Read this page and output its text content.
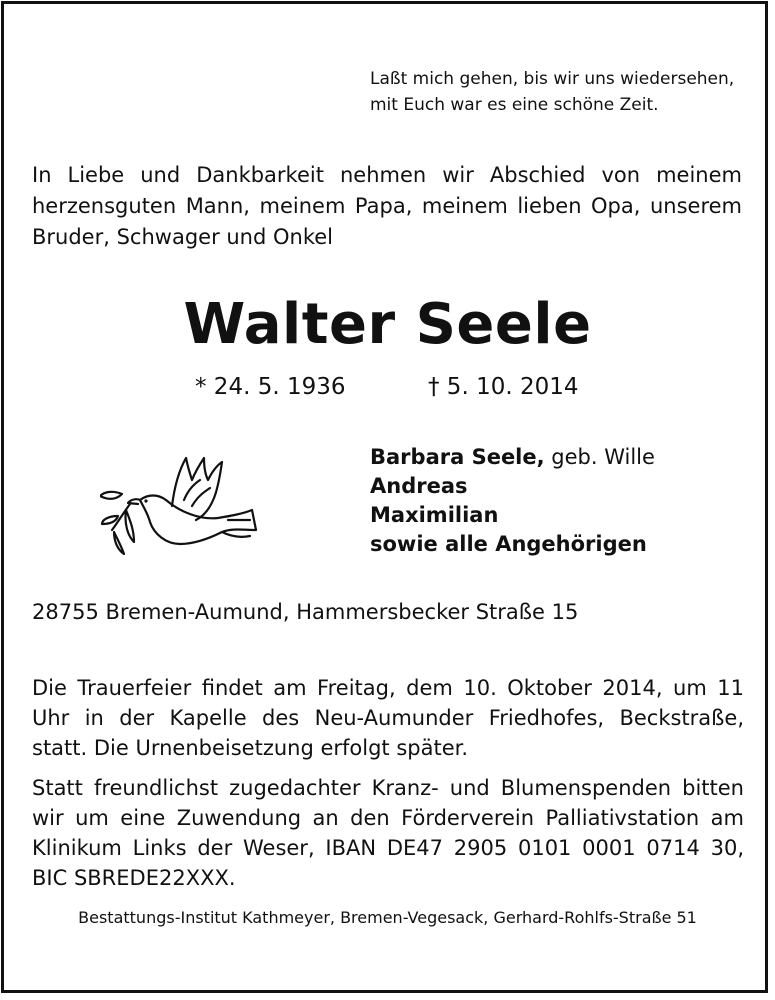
Laßt mich gehen, bis wir uns wiedersehen,
mit Euch war es eine schöne Zeit.
In Liebe und Dankbarkeit nehmen wir Abschied von meinem herzensguten Mann, meinem Papa, meinem lieben Opa, unserem Bruder, Schwager und Onkel
Walter Seele
* 24. 5. 1936	† 5. 10. 2014
Barbara Seele, geb. Wille
Andreas
Maximilian
sowie alle Angehörigen
28755 Bremen-Aumund, Hammersbecker Straße 15
Die Trauerfeier findet am Freitag, dem 10. Oktober 2014, um 11 Uhr in der Kapelle des Neu-Aumunder Friedhofes, Beckstraße, statt. Die Urnenbeisetzung erfolgt später.
Statt freundlichst zugedachter Kranz- und Blumenspenden bitten wir um eine Zuwendung an den Förderverein Palliativstation am Klinikum Links der Weser, IBAN DE47 2905 0101 0001 0714 30, BIC SBREDE22XXX.
Bestattungs-Institut Kathmeyer, Bremen-Vegesack, Gerhard-Rohlfs-Straße 51
